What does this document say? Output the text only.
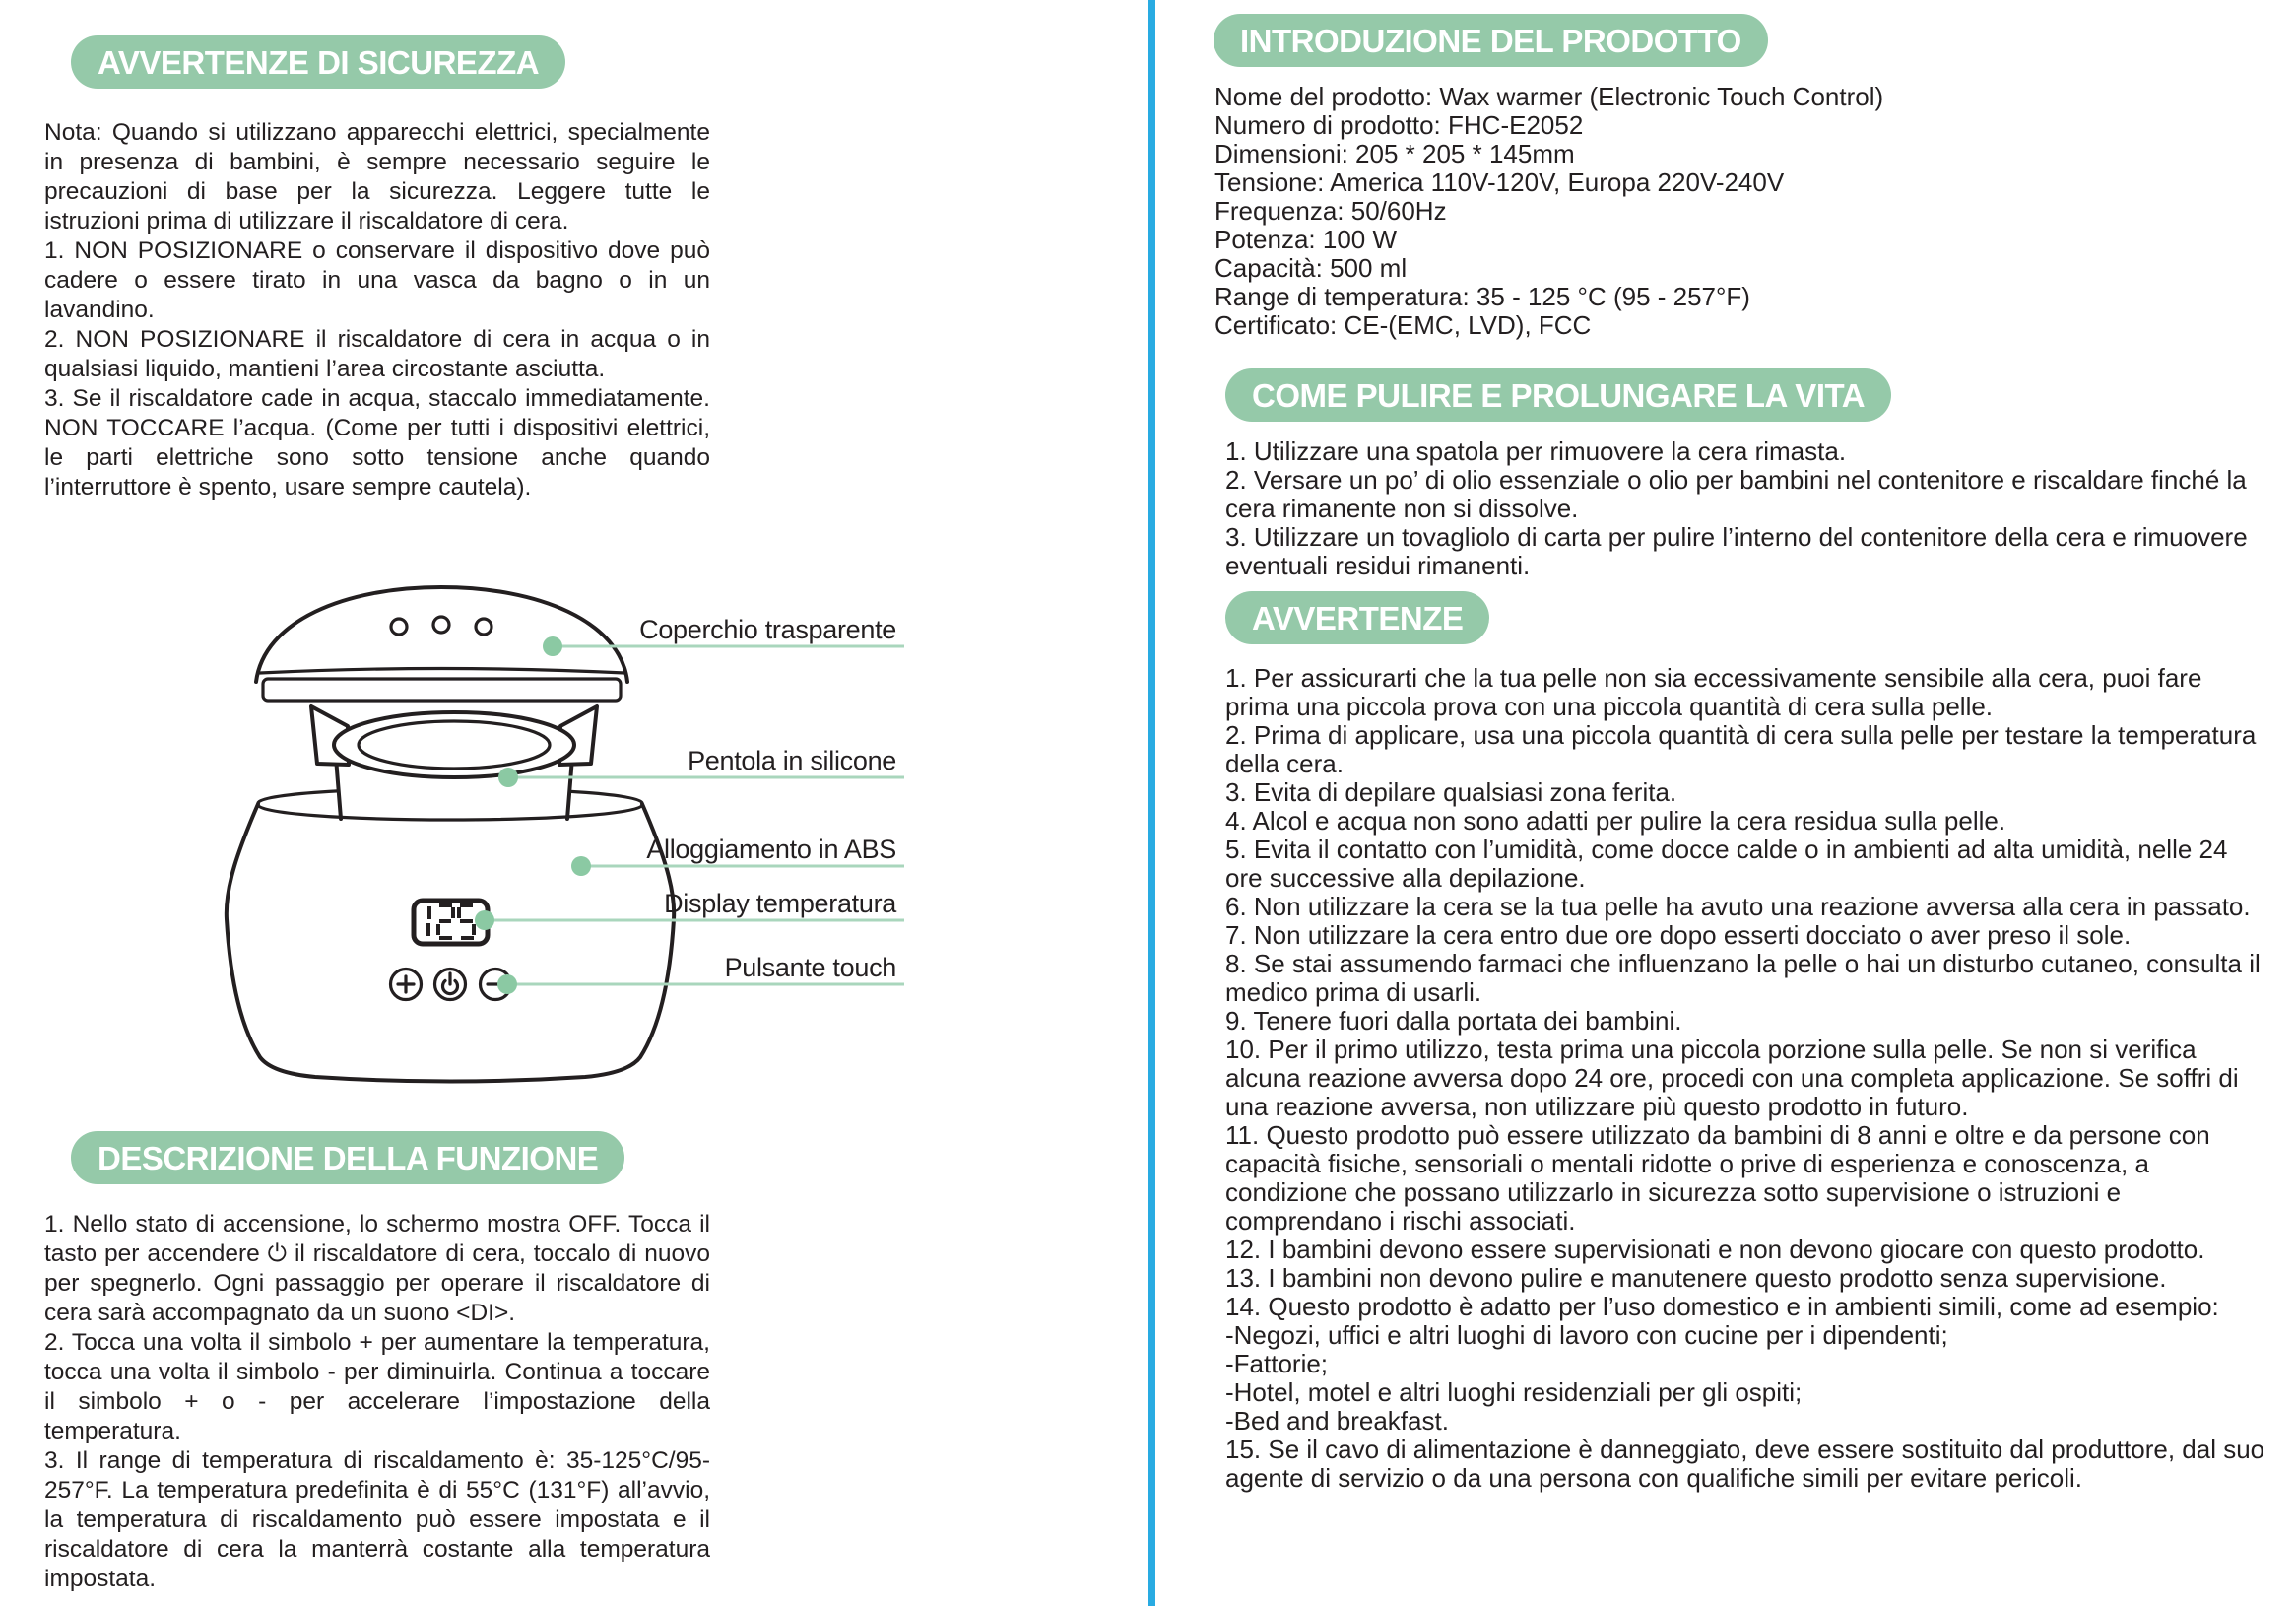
AVVERTENZE DI SICUREZZA

Nota: Quando si utilizzano apparecchi elettrici, specialmente in presenza di bambini, è sempre necessario seguire le precauzioni di base per la sicurezza. Leggere tutte le istruzioni prima di utilizzare il riscaldatore di cera.

1. NON POSIZIONARE o conservare il dispositivo dove può cadere o essere tirato in una vasca da bagno o in un lavandino.

2. NON POSIZIONARE il riscaldatore di cera in acqua o in qualsiasi liquido, mantieni l’area circostante asciutta.

3. Se il riscaldatore cade in acqua, staccalo immediatamente. NON TOCCARE l’acqua. (Come per tutti i dispositivi elettrici, le parti elettriche sono sotto tensione anche quando l’interruttore è spento, usare sempre cautela).

Coperchio trasparente
Pentola in silicone
Alloggiamento in ABS
Display temperatura
Pulsante touch
DESCRIZIONE DELLA FUNZIONE

1. Nello stato di accensione, lo schermo mostra OFF. Tocca il tasto per accendere ⏻ il riscaldatore di cera, toccalo di nuovo per spegnerlo. Ogni passaggio per operare il riscaldatore di cera sarà accompagnato da un suono <DI>.

2. Tocca una volta il simbolo + per aumentare la temperatura, tocca una volta il simbolo - per diminuirla. Continua a toccare il simbolo + o - per accelerare l’impostazione della temperatura.

3. Il range di temperatura di riscaldamento è: 35-125°C/95-257°F. La temperatura predefinita è di 55°C (131°F) all’avvio, la temperatura di riscaldamento può essere impostata e il riscaldatore di cera la manterrà costante alla temperatura impostata.

INTRODUZIONE DEL PRODOTTO

Nome del prodotto: Wax warmer (Electronic Touch Control)

Numero di prodotto: FHC-E2052

Dimensioni: 205 * 205 * 145mm

Tensione: America 110V-120V, Europa 220V-240V

Frequenza: 50/60Hz

Potenza: 100 W

Capacità: 500 ml

Range di temperatura: 35 - 125 °C (95 - 257°F)

Certificato: CE-(EMC, LVD), FCC

COME PULIRE E PROLUNGARE LA VITA

1. Utilizzare una spatola per rimuovere la cera rimasta.

2. Versare un po’ di olio essenziale o olio per bambini nel contenitore e riscaldare finché la cera rimanente non si dissolve.

3. Utilizzare un tovagliolo di carta per pulire l’interno del contenitore della cera e rimuovere eventuali residui rimanenti.

AVVERTENZE

1. Per assicurarti che la tua pelle non sia eccessivamente sensibile alla cera, puoi fare prima una piccola prova con una piccola quantità di cera sulla pelle.

2. Prima di applicare, usa una piccola quantità di cera sulla pelle per testare la temperatura della cera.

3. Evita di depilare qualsiasi zona ferita.

4. Alcol e acqua non sono adatti per pulire la cera residua sulla pelle.

5. Evita il contatto con l’umidità, come docce calde o in ambienti ad alta umidità, nelle 24 ore successive alla depilazione.

6. Non utilizzare la cera se la tua pelle ha avuto una reazione avversa alla cera in passato.

7. Non utilizzare la cera entro due ore dopo esserti docciato o aver preso il sole.

8. Se stai assumendo farmaci che influenzano la pelle o hai un disturbo cutaneo, consulta il medico prima di usarli.

9. Tenere fuori dalla portata dei bambini.

10. Per il primo utilizzo, testa prima una piccola porzione sulla pelle. Se non si verifica alcuna reazione avversa dopo 24 ore, procedi con una completa applicazione. Se soffri di una reazione avversa, non utilizzare più questo prodotto in futuro.

11. Questo prodotto può essere utilizzato da bambini di 8 anni e oltre e da persone con capacità fisiche, sensoriali o mentali ridotte o prive di esperienza e conoscenza, a condizione che possano utilizzarlo in sicurezza sotto supervisione o istruzioni e comprendano i rischi associati.

12. I bambini devono essere supervisionati e non devono giocare con questo prodotto.

13. I bambini non devono pulire e manutenere questo prodotto senza supervisione.

14. Questo prodotto è adatto per l’uso domestico e in ambienti simili, come ad esempio:

-Negozi, uffici e altri luoghi di lavoro con cucine per i dipendenti;

-Fattorie;

-Hotel, motel e altri luoghi residenziali per gli ospiti;

-Bed and breakfast.

15. Se il cavo di alimentazione è danneggiato, deve essere sostituito dal produttore, dal suo agente di servizio o da una persona con qualifiche simili per evitare pericoli.
